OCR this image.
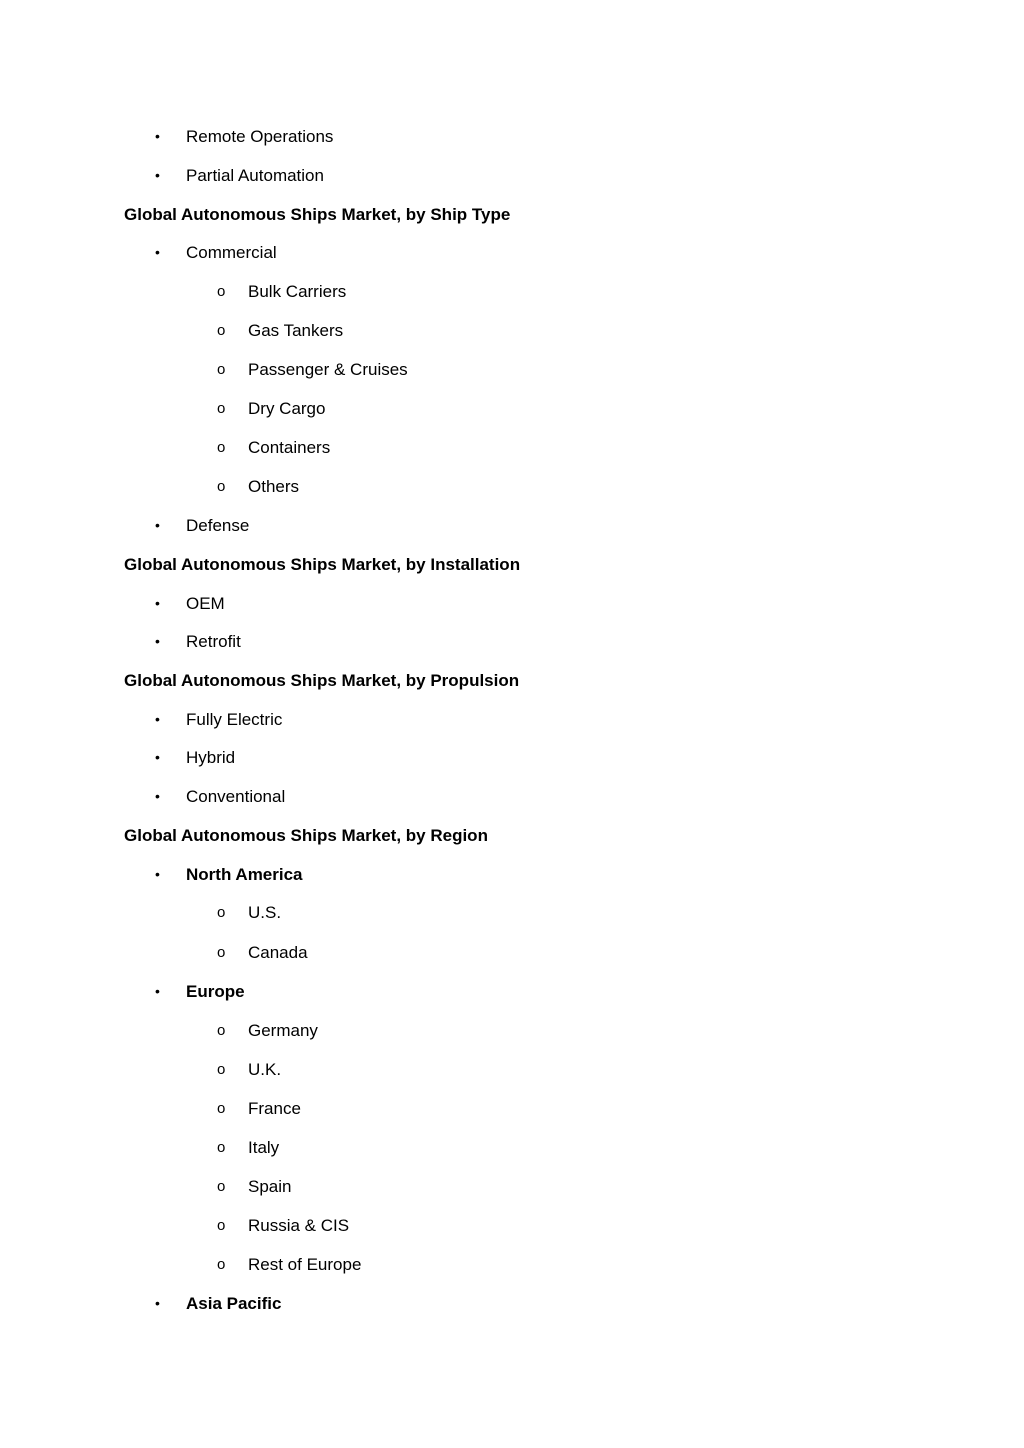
•	Remote Operations
•	Partial Automation
Global Autonomous Ships Market, by Ship Type
•	Commercial
o	Bulk Carriers
o	Gas Tankers
o	Passenger & Cruises
o	Dry Cargo
o	Containers
o	Others
•	Defense
Global Autonomous Ships Market, by Installation
•	OEM
•	Retrofit
Global Autonomous Ships Market, by Propulsion
•	Fully Electric
•	Hybrid
•	Conventional
Global Autonomous Ships Market, by Region
•	North America
o	U.S.
o	Canada
•	Europe
o	Germany
o	U.K.
o	France
o	Italy
o	Spain
o	Russia & CIS
o	Rest of Europe
•	Asia Pacific
